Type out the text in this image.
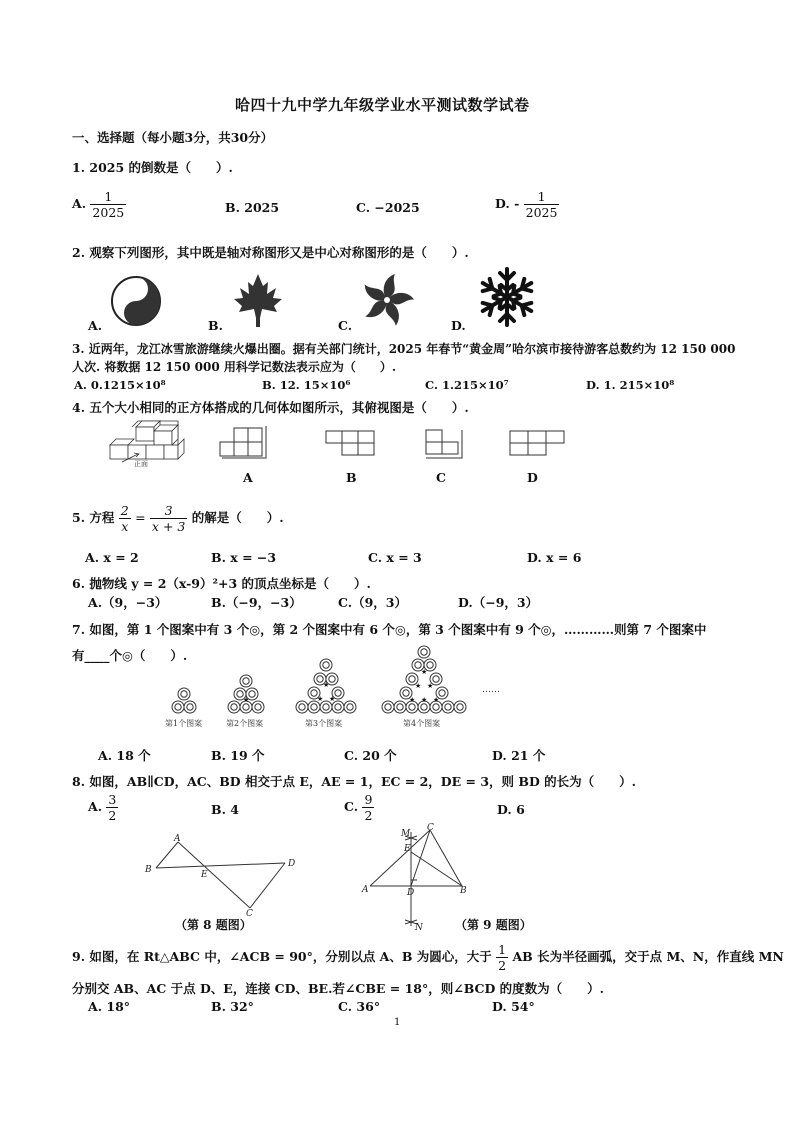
哈四十九中学九年级学业水平测试数学试卷
一、选择题（每小题3分，共30分）
1. 2025 的倒数是（　　）.
A. $\frac{1}{2025}$	B. 2025	C. −2025	D. - $\frac{1}{2025}$
2. 观察下列图形，其中既是轴对称图形又是中心对称图形的是（　　）.
A.	B.	C.	D.
3. 近两年，龙江冰雪旅游继续火爆出圈。据有关部门统计，2025 年春节“黄金周”哈尔滨市接待游客总数约为 12 150 000
人次. 将数据 12 150 000 用科学记数法表示应为（　　）.
A. 0.1215×10⁸	B. 12. 15×10⁶	C. 1.215×10⁷	D. 1. 215×10⁸
4. 五个大小相同的正方体搭成的几何体如图所示，其俯视图是（　　）.
正面
A	B	C	D
5. 方程 $\frac{2}{x} = \frac{3}{x + 3}$ 的解是（　　）.
A. x = 2	B. x = −3	C. x = 3	D. x = 6
6. 抛物线 y = 2（x-9）²+3 的顶点坐标是（　　）.
A.（9，−3）	B.（−9，−3）	C.（9，3）	D.（−9，3）
7. 如图，第 1 个图案中有 3 个◎，第 2 个图案中有 6 个◎，第 3 个图案中有 9 个◎，…………则第 7 个图案中
有____个◎（　　）.
★
★
★ ★
★
★ ★
★ ★ ★
……
第1个图案	第2个图案	第3个图案	第4个图案
A. 18 个	B. 19 个	C. 20 个	D. 21 个
8. 如图，AB∥CD，AC、BD 相交于点 E，AE = 1，EC = 2，DE = 3，则 BD 的长为（　　）.
A. $\frac{3}{2}$	B. 4	C. $\frac{9}{2}$	D. 6
A
B	E
D
C
（第 8 题图）
M
C
E
A	D	B
N	（第 9 题图）
9. 如图，在 Rt△ABC 中，∠ACB = 90°，分别以点 A、B 为圆心，大于 $\frac{1}{2}$ AB 长为半径画弧，交于点 M、N，作直线 MN
分别交 AB、AC 于点 D、E，连接 CD、BE.若∠CBE = 18°，则∠BCD 的度数为（　　）.
A. 18°	B. 32°	C. 36°	D. 54°
1
